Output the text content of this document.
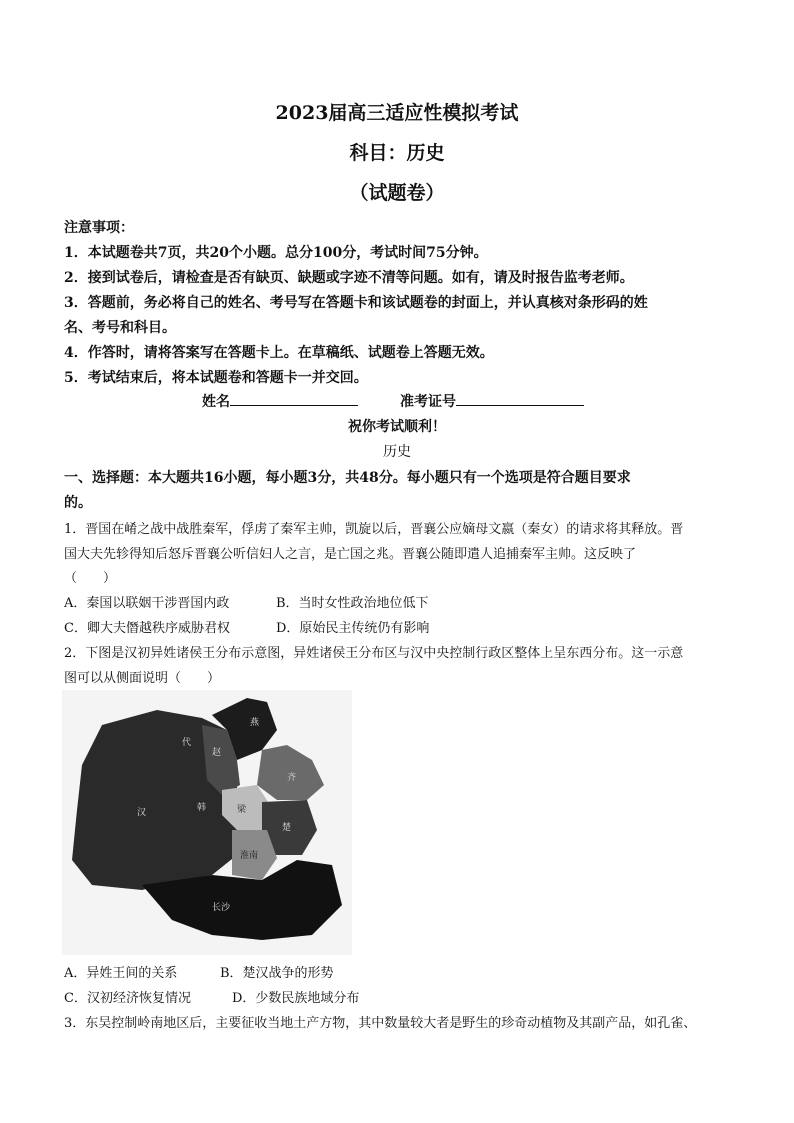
2023届高三适应性模拟考试
科目：历史
（试题卷）
注意事项：
1．本试题卷共7页，共20个小题。总分100分，考试时间75分钟。
2．接到试卷后，请检查是否有缺页、缺题或字迹不清等问题。如有，请及时报告监考老师。
3．答题前，务必将自己的姓名、考号写在答题卡和该试题卷的封面上，并认真核对条形码的姓
名、考号和科目。
4．作答时，请将答案写在答题卡上。在草稿纸、试题卷上答题无效。
5．考试结束后，将本试题卷和答题卡一并交回。
姓名	准考证号
祝你考试顺利！
历史
一、选择题：本大题共16小题，每小题3分，共48分。每小题只有一个选项是符合题目要求
的。
1．晋国在崤之战中战胜秦军，俘虏了秦军主帅，凯旋以后，晋襄公应嫡母文嬴（秦女）的请求将其释放。晋
国大夫先轸得知后怒斥晋襄公听信妇人之言，是亡国之兆。晋襄公随即遣人追捕秦军主帅。这反映了
（　　）
A．秦国以联姻干涉晋国内政	B．当时女性政治地位低下
C．卿大夫僭越秩序威胁君权	D．原始民主传统仍有影响
2．下图是汉初异姓诸侯王分布示意图，异姓诸侯王分布区与汉中央控制行政区整体上呈东西分布。这一示意
图可以从侧面说明（　　）
燕
赵
代
齐
楚
韩	梁
汉
淮南
长沙
A．异姓王间的关系	B．楚汉战争的形势
C．汉初经济恢复情况	D．少数民族地域分布
3．东吴控制岭南地区后，主要征收当地土产方物，其中数量较大者是野生的珍奇动植物及其副产品，如孔雀、
